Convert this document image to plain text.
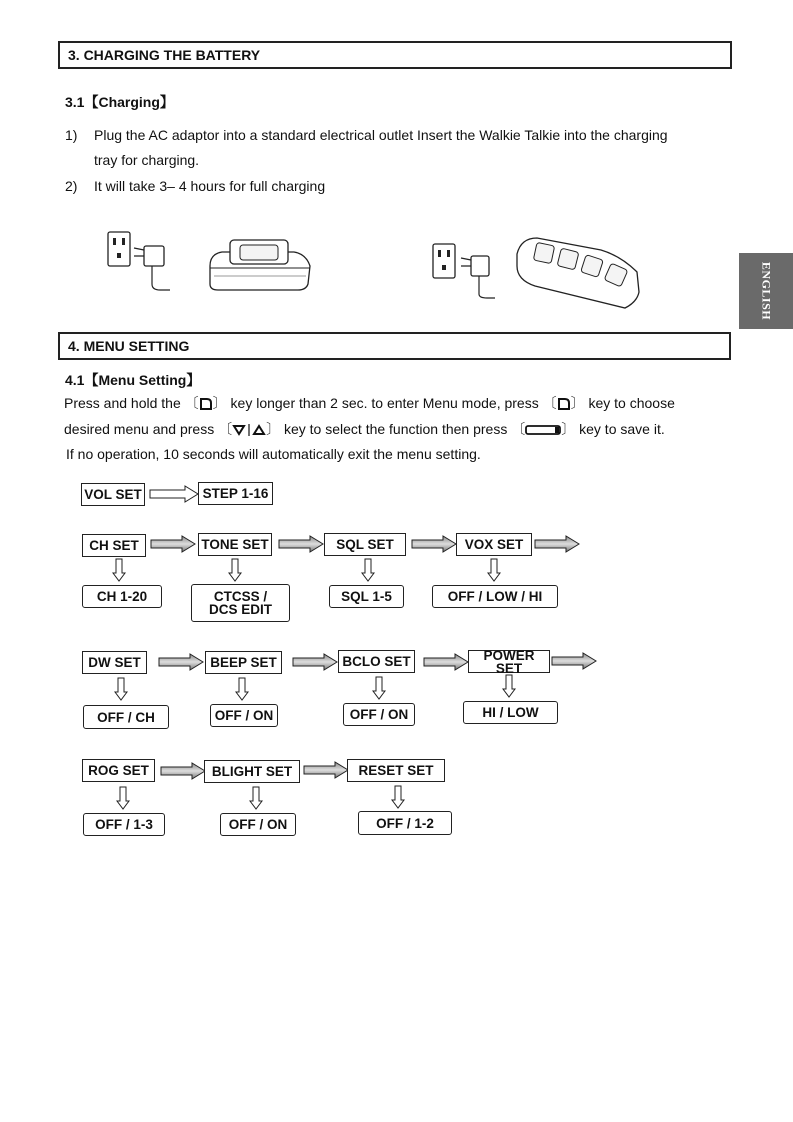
3. CHARGING THE BATTERY
3.1【Charging】
1) Plug the AC adaptor into a standard electrical outlet Insert the Walkie Talkie into the charging
tray for charging.
2) It will take 3– 4 hours for full charging
ENGLISH
4. MENU SETTING
4.1【Menu Setting】
Press and hold the 〔 〕 key longer than 2 sec. to enter Menu mode, press 〔 〕 key to choose
desired menu and press 〔 〕 key to select the function then press 〔	〕 key to save it.
If no operation, 10 seconds will automatically exit the menu setting.
VOL SET	STEP 1-16
CH SET	TONE SET	SQL SET	VOX SET
CH 1-20	CTCSS /
DCS EDIT
SQL 1-5	OFF / LOW / HI
DW SET	BEEP SET	BCLO SET	POWER SET
OFF / CH	OFF / ON	OFF / ON	HI / LOW
ROG SET	BLIGHT SET	RESET SET
OFF / 1-3	OFF / ON	OFF / 1-2
